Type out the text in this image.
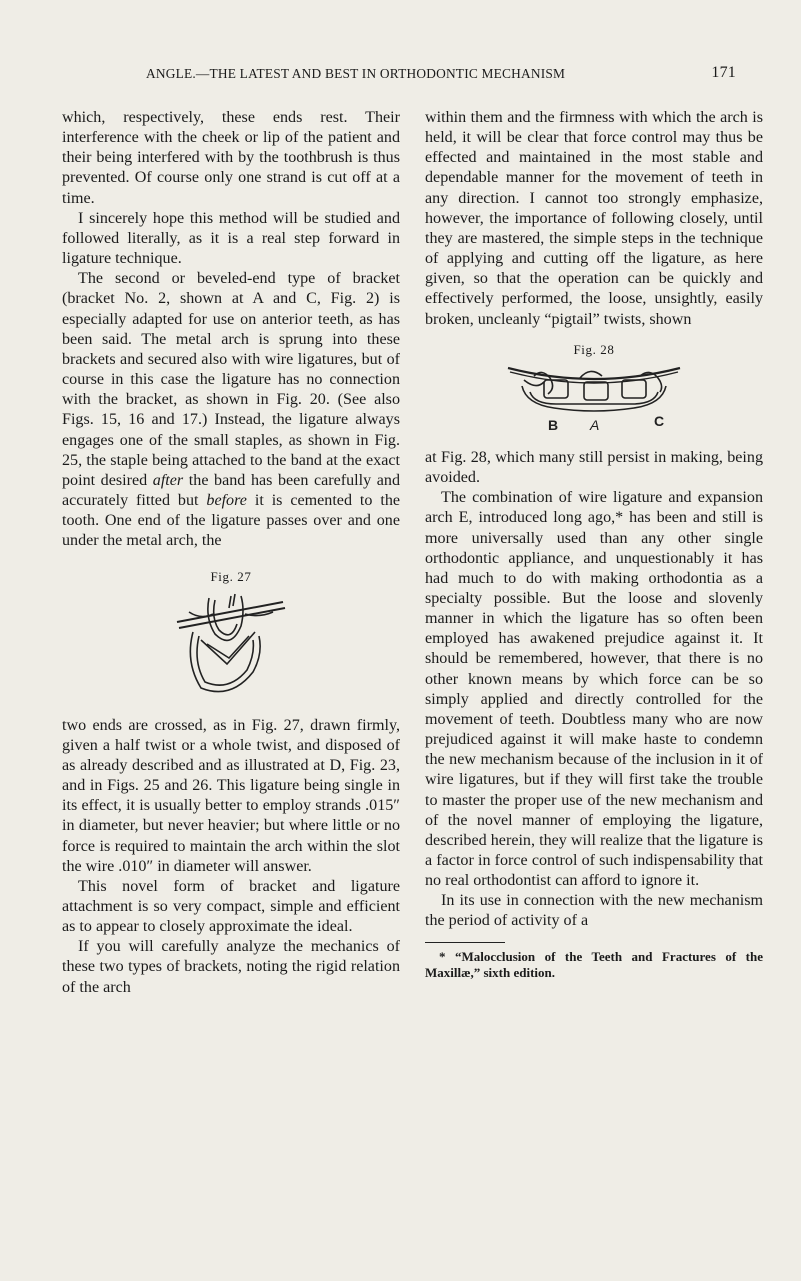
ANGLE.—THE LATEST AND BEST IN ORTHODONTIC MECHANISM	171

which, respectively, these ends rest. Their interference with the cheek or lip of the patient and their being interfered with by the toothbrush is thus prevented. Of course only one strand is cut off at a time.

I sincerely hope this method will be studied and followed literally, as it is a real step forward in ligature technique.

The second or beveled-end type of bracket (bracket No. 2, shown at A and C, Fig. 2) is especially adapted for use on anterior teeth, as has been said. The metal arch is sprung into these brackets and secured also with wire ligatures, but of course in this case the ligature has no connection with the bracket, as shown in Fig. 20. (See also Figs. 15, 16 and 17.) Instead, the ligature always engages one of the small staples, as shown in Fig. 25, the staple being attached to the band at the exact point desired after the band has been carefully and accurately fitted but before it is cemented to the tooth. One end of the ligature passes over and one under the metal arch, the

Fig. 27

two ends are crossed, as in Fig. 27, drawn firmly, given a half twist or a whole twist, and disposed of as already described and as illustrated at D, Fig. 23, and in Figs. 25 and 26. This ligature being single in its effect, it is usually better to employ strands .015″ in diameter, but never heavier; but where little or no force is required to maintain the arch within the slot the wire .010″ in diameter will answer.

This novel form of bracket and ligature attachment is so very compact, simple and efficient as to appear to closely approximate the ideal.

If you will carefully analyze the mechanics of these two types of brackets, noting the rigid relation of the arch

within them and the firmness with which the arch is held, it will be clear that force control may thus be effected and maintained in the most stable and dependable manner for the movement of teeth in any direction. I cannot too strongly emphasize, however, the importance of following closely, until they are mastered, the simple steps in the technique of applying and cutting off the ligature, as here given, so that the operation can be quickly and effectively performed, the loose, unsightly, easily broken, uncleanly “pigtail” twists, shown

Fig. 28
B A	C

at Fig. 28, which many still persist in making, being avoided.

The combination of wire ligature and expansion arch E, introduced long ago,* has been and still is more universally used than any other single orthodontic appliance, and unquestionably it has had much to do with making orthodontia as a specialty possible. But the loose and slovenly manner in which the ligature has so often been employed has awakened prejudice against it. It should be remembered, however, that there is no other known means by which force can be so simply applied and directly controlled for the movement of teeth. Doubtless many who are now prejudiced against it will make haste to condemn the new mechanism because of the inclusion in it of wire ligatures, but if they will first take the trouble to master the proper use of the new mechanism and of the novel manner of employing the ligature, described herein, they will realize that the ligature is a factor in force control of such indispensability that no real orthodontist can afford to ignore it.

In its use in connection with the new mechanism the period of activity of a

* “Malocclusion of the Teeth and Fractures of the Maxillæ,” sixth edition.
